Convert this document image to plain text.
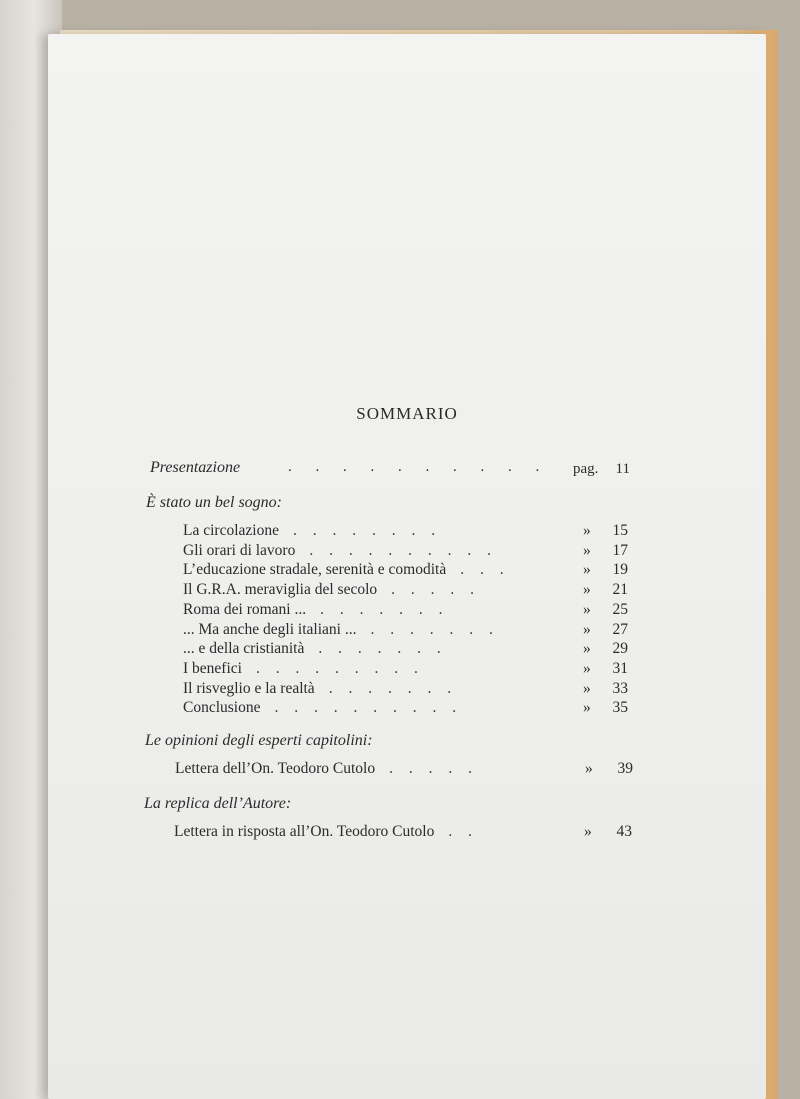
SOMMARIO
Presentazione	. . . . . . . . . . pag.	11
È stato un bel sogno:
La circolazione . . . . . . . .	»	15
Gli orari di lavoro . . . . . . . . . .	»	17
L’educazione stradale, serenità e comodità . . .	»	19
Il G.R.A. meraviglia del secolo . . . . .	»	21
Roma dei romani ... . . . . . . .	»	25
... Ma anche degli italiani ... . . . . . . .	»	27
... e della cristianità . . . . . . .	»	29
I benefici . . . . . . . . .	»	31
Il risveglio e la realtà . . . . . . .	»	33
Conclusione . . . . . . . . . .	»	35
Le opinioni degli esperti capitolini:
Lettera dell’On. Teodoro Cutolo . . . . .	»	39
La replica dell’Autore:
Lettera in risposta all’On. Teodoro Cutolo . .	»	43
